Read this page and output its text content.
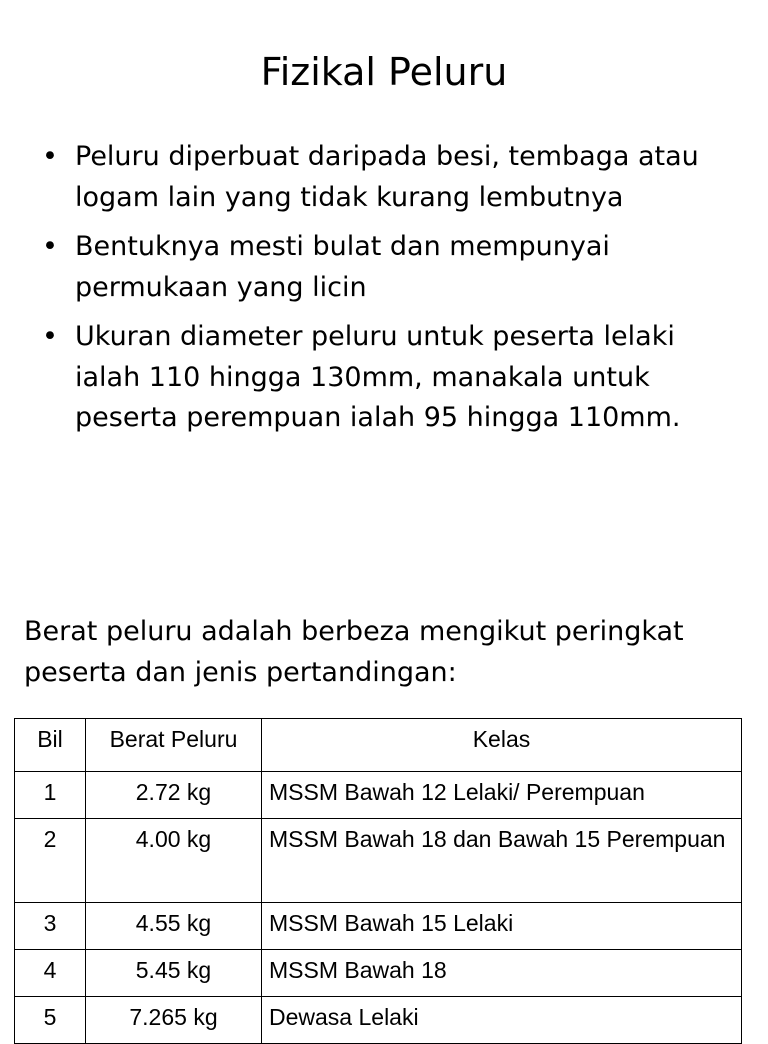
Fizikal Peluru
• Peluru diperbuat daripada besi, tembaga atau logam lain yang tidak kurang lembutnya
• Bentuknya mesti bulat dan mempunyai permukaan yang licin
• Ukuran diameter peluru untuk peserta lelaki ialah 110 hingga 130mm, manakala untuk peserta perempuan ialah 95 hingga 110mm.

Berat peluru adalah berbeza mengikut peringkat peserta dan jenis pertandingan:

Bil	Berat Peluru	Kelas
1	2.72 kg	MSSM Bawah 12 Lelaki/ Perempuan
2	4.00 kg	MSSM Bawah 18 dan Bawah 15 Perempuan
3	4.55 kg	MSSM Bawah 15 Lelaki
4	5.45 kg	MSSM Bawah 18
5	7.265 kg	Dewasa Lelaki
